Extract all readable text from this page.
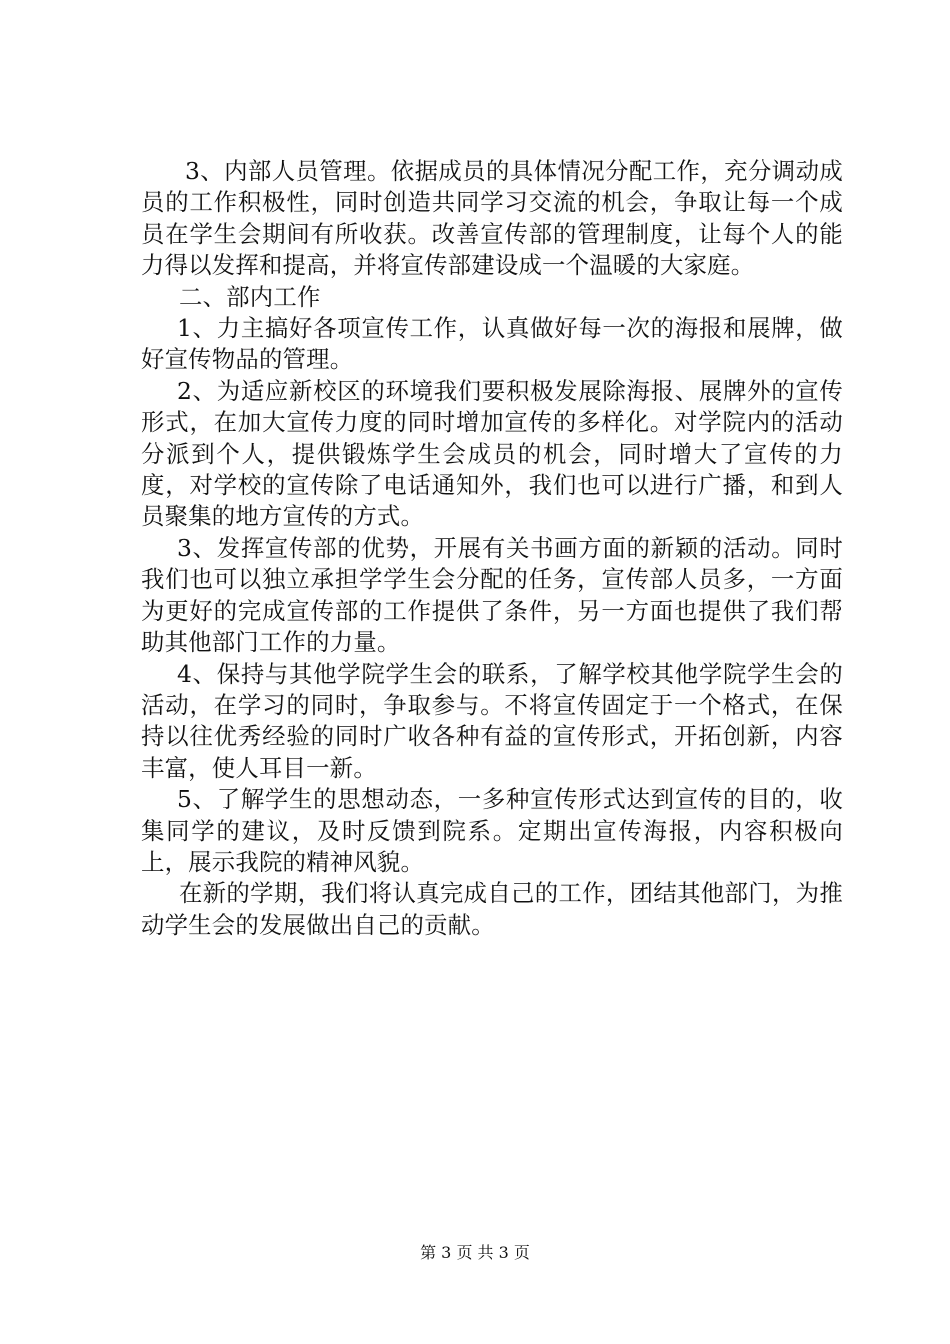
3、内部人员管理。依据成员的具体情况分配工作，充分调动成员的工作积极性，同时创造共同学习交流的机会，争取让每一个成员在学生会期间有所收获。改善宣传部的管理制度，让每个人的能力得以发挥和提高，并将宣传部建设成一个温暖的大家庭。

二、部内工作

1、力主搞好各项宣传工作，认真做好每一次的海报和展牌，做好宣传物品的管理。

2、为适应新校区的环境我们要积极发展除海报、展牌外的宣传形式，在加大宣传力度的同时增加宣传的多样化。对学院内的活动分派到个人，提供锻炼学生会成员的机会，同时增大了宣传的力度，对学校的宣传除了电话通知外，我们也可以进行广播，和到人员聚集的地方宣传的方式。

3、发挥宣传部的优势，开展有关书画方面的新颖的活动。同时我们也可以独立承担学学生会分配的任务，宣传部人员多，一方面为更好的完成宣传部的工作提供了条件，另一方面也提供了我们帮助其他部门工作的力量。

4、保持与其他学院学生会的联系，了解学校其他学院学生会的活动，在学习的同时，争取参与。不将宣传固定于一个格式，在保持以往优秀经验的同时广收各种有益的宣传形式，开拓创新，内容丰富，使人耳目一新。

5、了解学生的思想动态，一多种宣传形式达到宣传的目的，收集同学的建议，及时反馈到院系。定期出宣传海报，内容积极向上，展示我院的精神风貌。

在新的学期，我们将认真完成自己的工作，团结其他部门，为推动学生会的发展做出自己的贡献。

第 3 页 共 3 页
